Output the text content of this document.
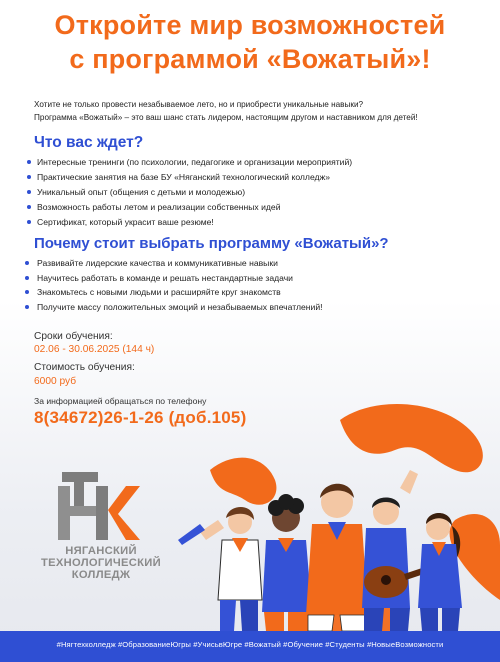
Откройте мир возможностей
с программой «Вожатый»!
Хотите не только провести незабываемое лето, но и приобрести уникальные навыки?
Программа «Вожатый» – это ваш шанс стать лидером, настоящим другом и наставником для детей!
Что вас ждет?
Интересные тренинги (по психологии, педагогике и организации мероприятий)
Практические занятия на базе БУ «Няганский технологический колледж»
Уникальный опыт (общения с детьми и молодежью)
Возможность работы летом и реализации собственных идей
Сертификат, который украсит ваше резюме!
Почему стоит выбрать программу «Вожатый»?
Развивайте лидерские качества и коммуникативные навыки
Научитесь работать в команде и решать нестандартные задачи
Знакомьтесь с новыми людьми и расширяйте круг знакомств
Получите массу положительных эмоций и незабываемых впечатлений!
Сроки обучения:
02.06 - 30.06.2025 (144 ч)
Стоимость обучения:
6000 руб
За информацией обращаться по телефону
8(34672)26-1-26 (доб.105)
НЯГАНСКИЙ
ТЕХНОЛОГИЧЕСКИЙ
КОЛЛЕДЖ
#Нягтехколледж #ОбразованиеЮгры #УчисьвЮгре #Вожатый #Обучение #Студенты #НовыеВозможности
